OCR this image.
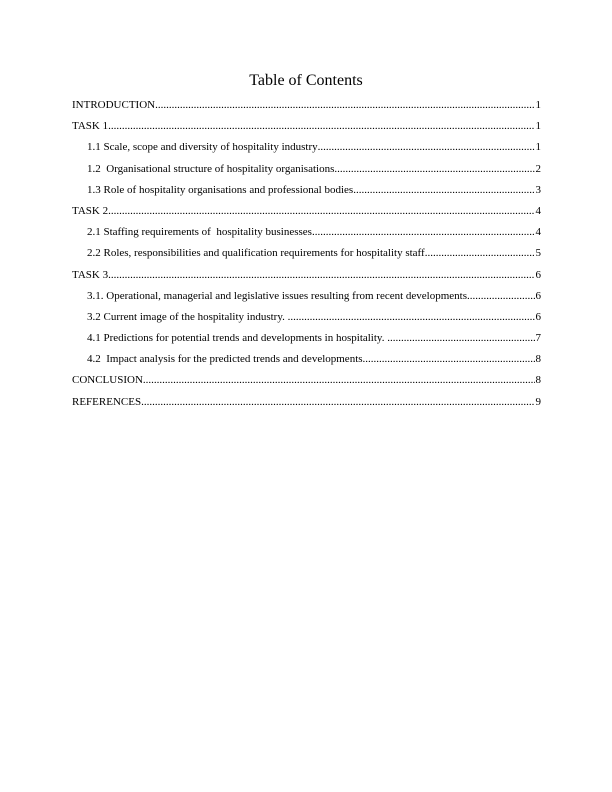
Table of Contents
INTRODUCTION .....	1
TASK 1 .....	1
1.1 Scale, scope and diversity of hospitality industry .....	1
1.2  Organisational structure of hospitality organisations .....	2
1.3 Role of hospitality organisations and professional bodies .....	3
TASK 2 .....	4
2.1 Staffing requirements of  hospitality businesses .....	4
2.2 Roles, responsibilities and qualification requirements for hospitality staff .....	5
TASK 3 .....	6
3.1. Operational, managerial and legislative issues resulting from recent developments .....	6
3.2 Current image of the hospitality industry. .....	6
4.1 Predictions for potential trends and developments in hospitality. .....	7
4.2  Impact analysis for the predicted trends and developments .....	8
CONCLUSION .....	8
REFERENCES .....	9
